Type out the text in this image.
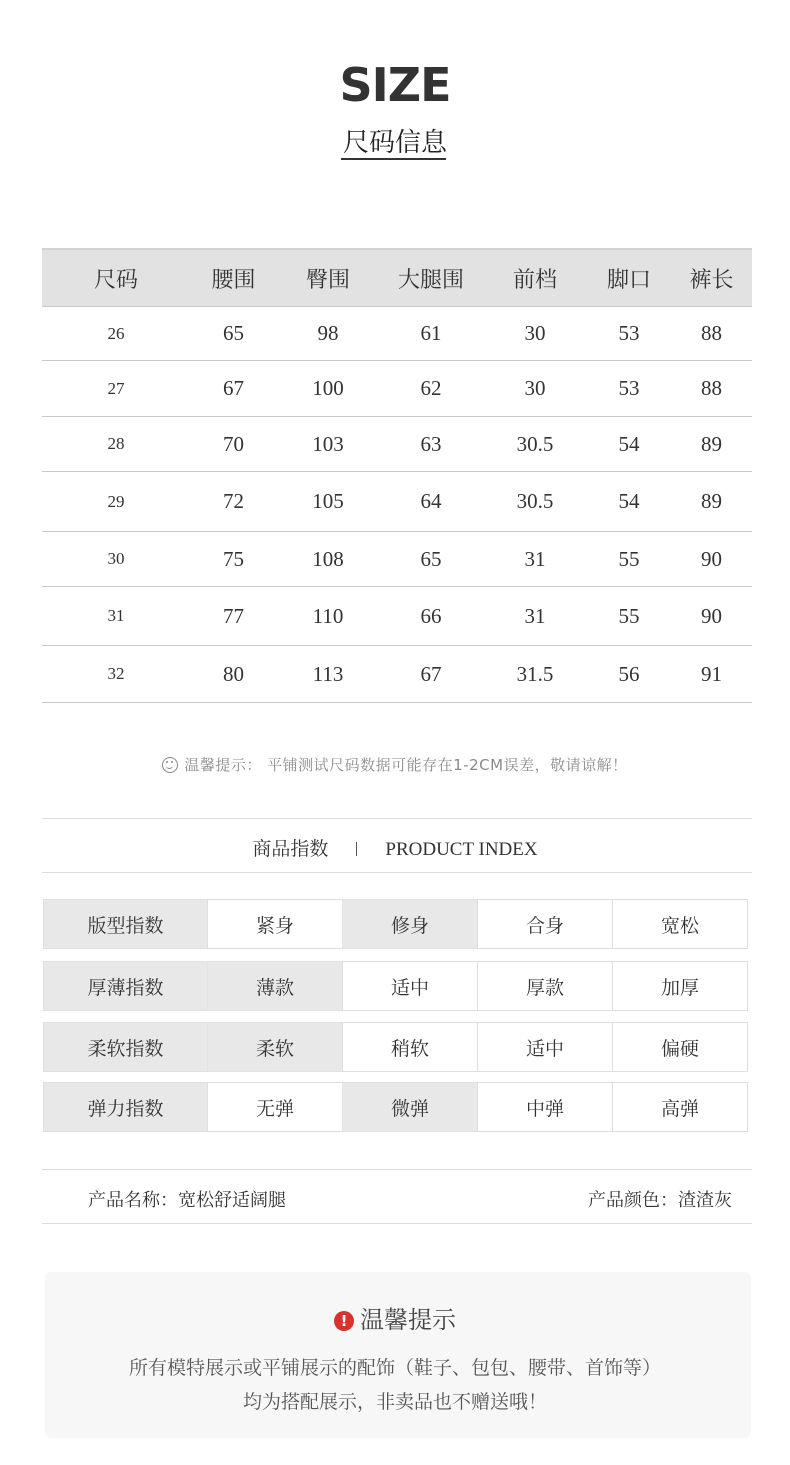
SIZE
尺码信息
尺码	腰围	臀围	大腿围	前档	脚口	裤长
26	65	98	61	30	53	88
27	67	100	62	30	53	88
28	70	103	63	30.5	54	89
29	72	105	64	30.5	54	89
30	75	108	65	31	55	90
31	77	110	66	31	55	90
32	80	113	67	31.5	56	91
温馨提示： 平铺测试尺码数据可能存在1-2CM误差，敬请谅解！
商品指数	PRODUCT INDEX
版型指数	紧身	修身	合身	宽松
厚薄指数	薄款	适中	厚款	加厚
柔软指数	柔软	稍软	适中	偏硬
弹力指数	无弹	微弹	中弹	高弹
产品名称：宽松舒适阔腿	产品颜色：渣渣灰
! 温馨提示
所有模特展示或平铺展示的配饰（鞋子、包包、腰带、首饰等）
均为搭配展示，非卖品也不赠送哦！
